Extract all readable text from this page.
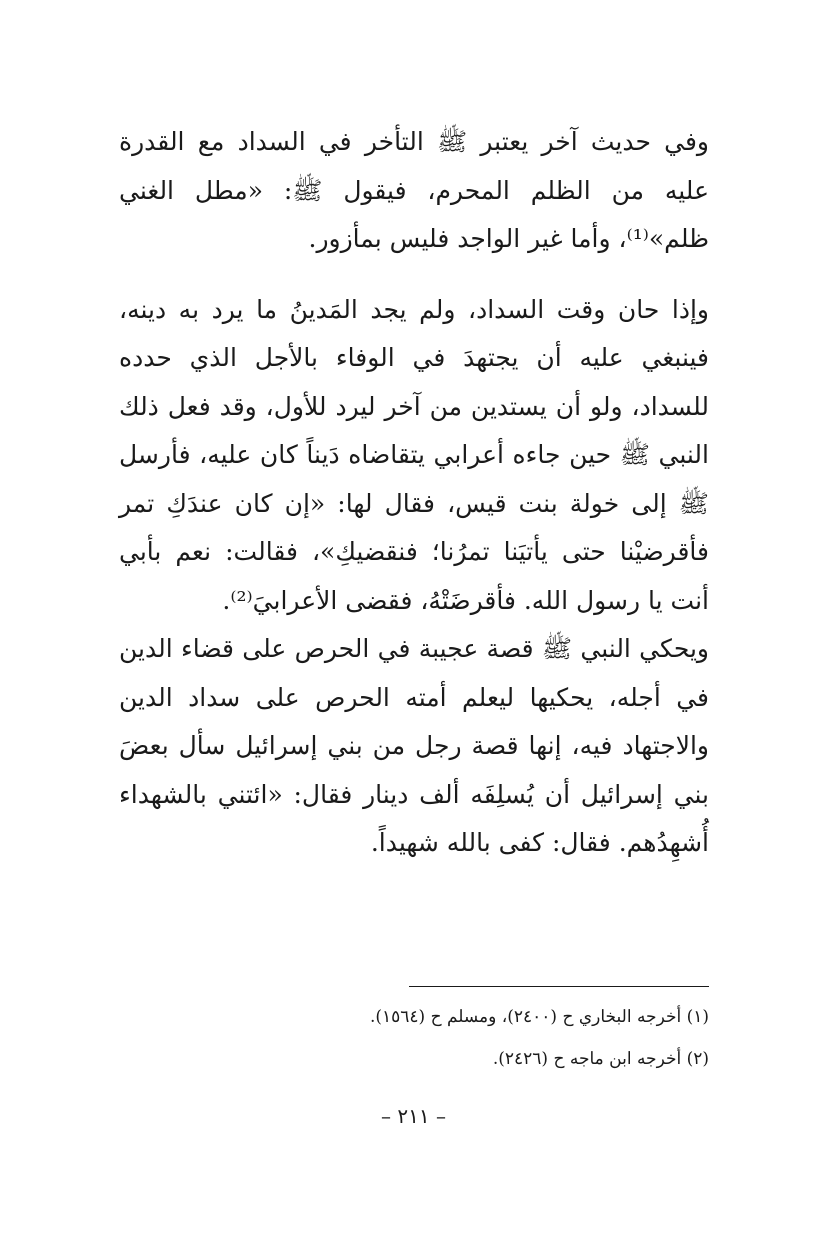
وفي حديث آخر يعتبر ﷺ التأخر في السداد مع القدرة عليه من الظلم المحرم، فيقول ﷺ: «مطل الغني ظلم»⁽¹⁾، وأما غير الواجد فليس بمأزور.

وإذا حان وقت السداد، ولم يجد المَدينُ ما يرد به دينه، فينبغي عليه أن يجتهدَ في الوفاء بالأجل الذي حدده للسداد، ولو أن يستدين من آخر ليرد للأول، وقد فعل ذلك النبي ﷺ حين جاءه أعرابي يتقاضاه دَيناً كان عليه، فأرسل ﷺ إلى خولة بنت قيس، فقال لها: «إن كان عندَكِ تمر فأقرضيْنا حتى يأتيَنا تمرُنا؛ فنقضيكِ»، فقالت: نعم بأبي أنت يا رسول الله. فأقرضَتْهُ، فقضى الأعرابيَ⁽²⁾.

ويحكي النبي ﷺ قصة عجيبة في الحرص على قضاء الدين في أجله، يحكيها ليعلم أمته الحرص على سداد الدين والاجتهاد فيه، إنها قصة رجل من بني إسرائيل سأل بعضَ بني إسرائيل أن يُسلِفَه ألف دينار فقال: «ائتني بالشهداء أُشهِدُهم. فقال: كفى بالله شهيداً.

(١) أخرجه البخاري ح (٢٤٠٠)، ومسلم ح (١٥٦٤).

(٢) أخرجه ابن ماجه ح (٢٤٢٦).

– ٢١١ –
